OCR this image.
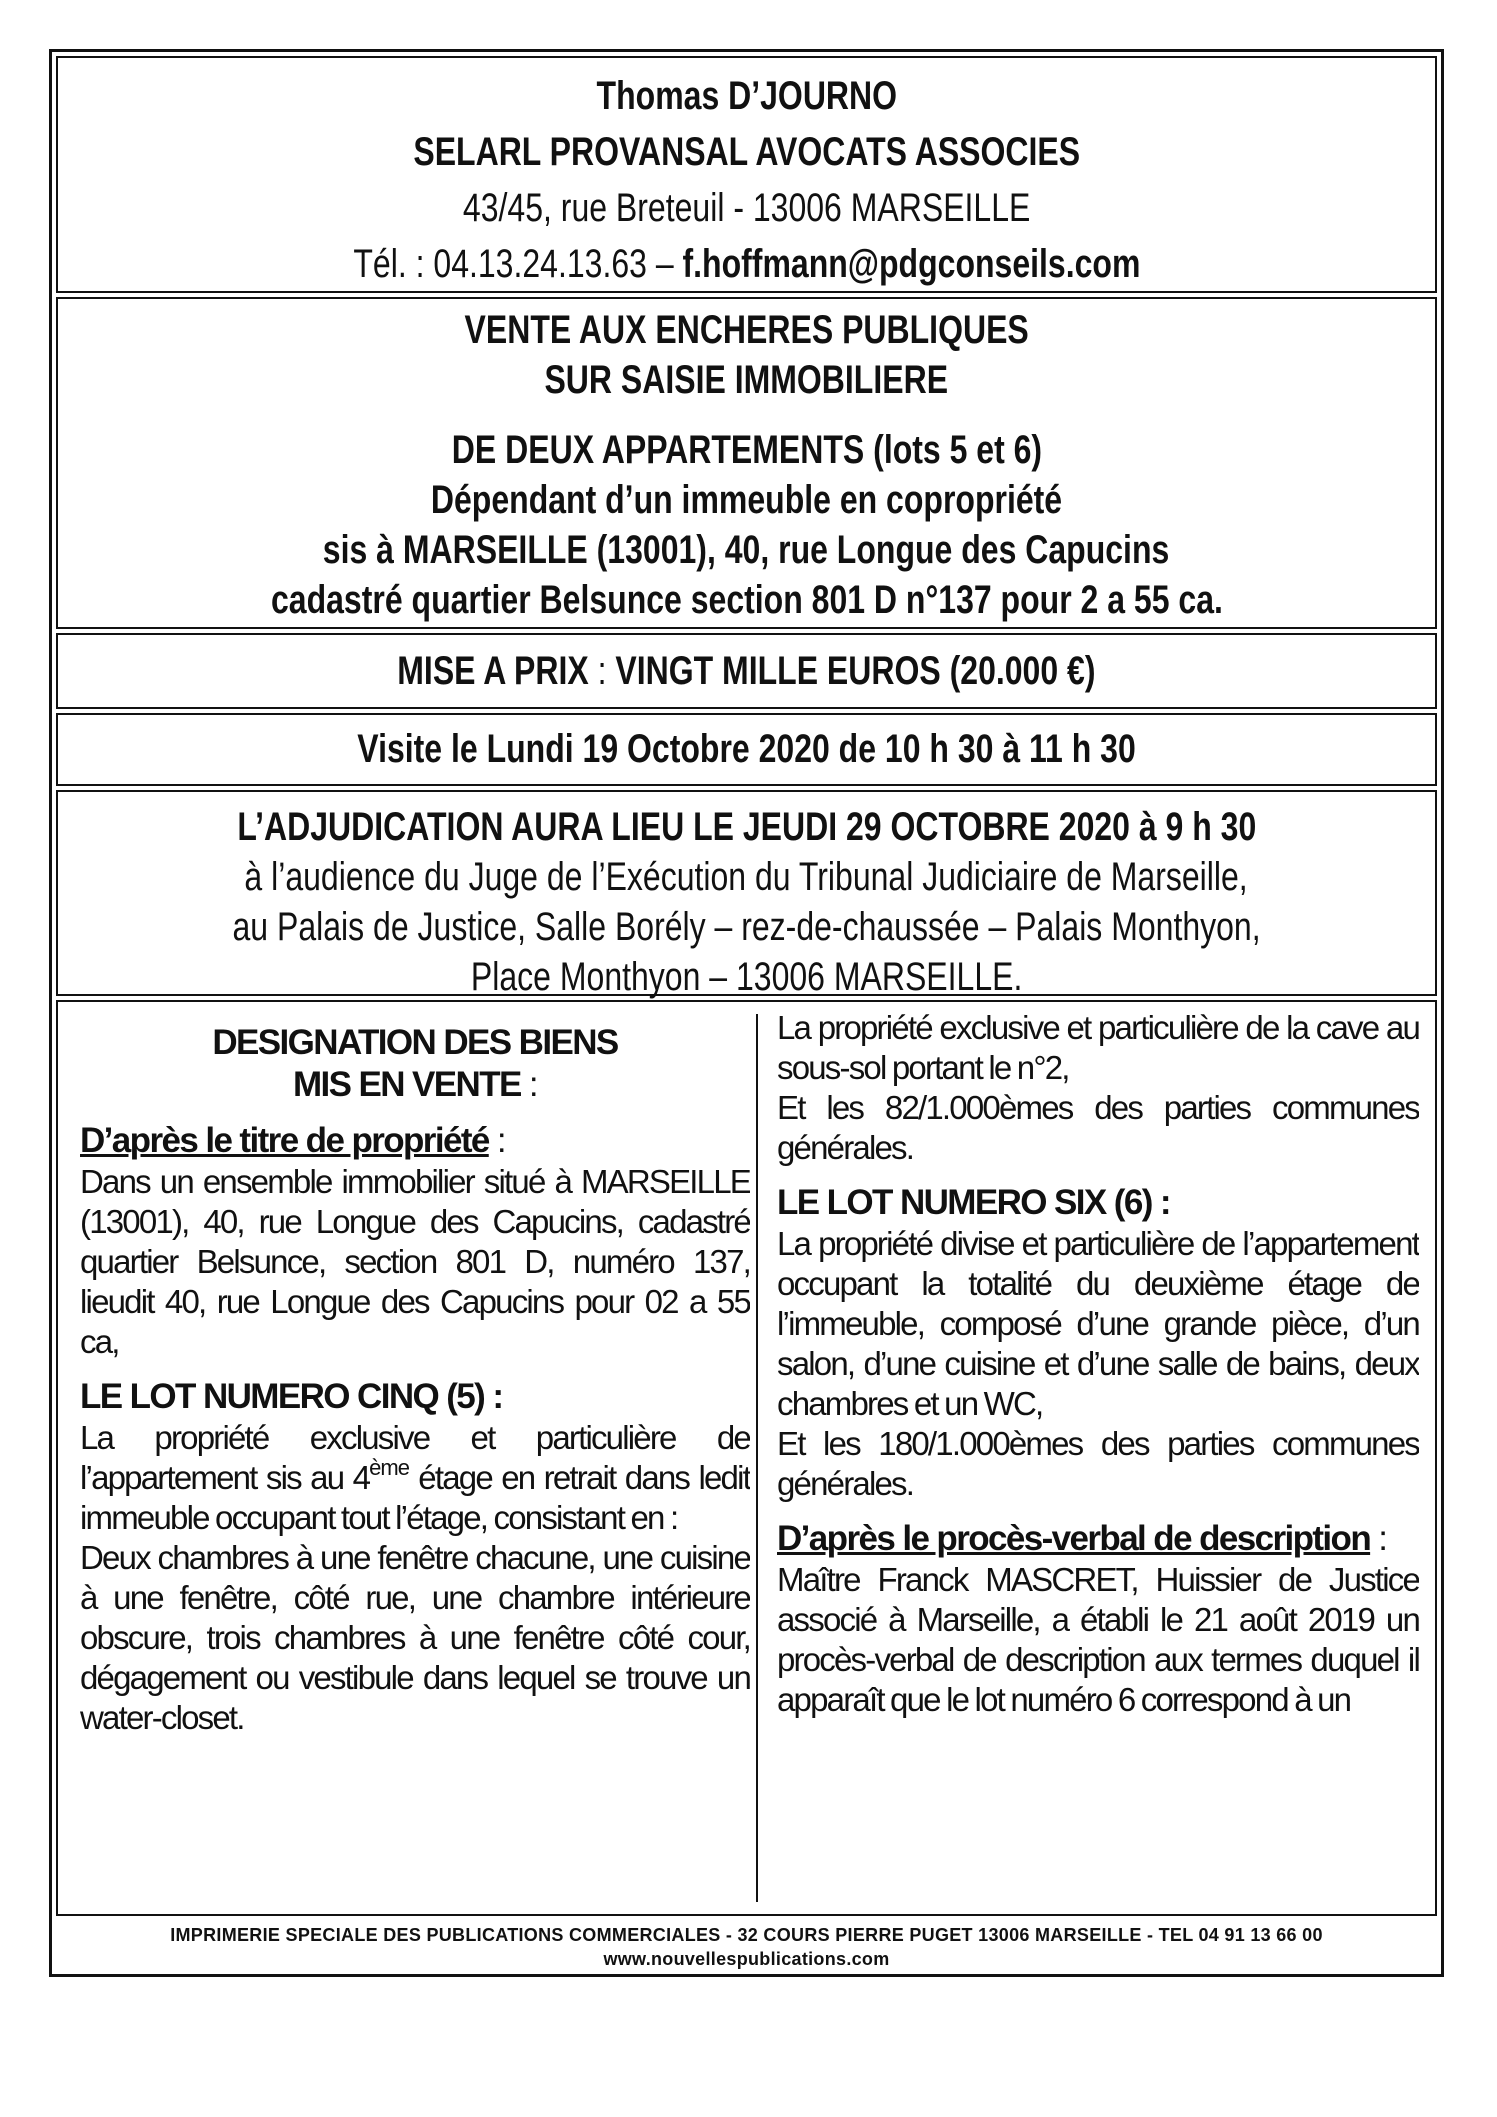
Thomas D’JOURNO
SELARL PROVANSAL AVOCATS ASSOCIES
43/45, rue Breteuil - 13006 MARSEILLE
Tél. : 04.13.24.13.63 – f.hoffmann@pdgconseils.com
VENTE AUX ENCHERES PUBLIQUES
SUR SAISIE IMMOBILIERE
DE DEUX APPARTEMENTS (lots 5 et 6)
Dépendant d’un immeuble en copropriété
sis à MARSEILLE (13001), 40, rue Longue des Capucins
cadastré quartier Belsunce section 801 D n°137 pour 2 a 55 ca.
MISE A PRIX : VINGT MILLE EUROS (20.000 €)
Visite le Lundi 19 Octobre 2020 de 10 h 30 à 11 h 30
L’ADJUDICATION AURA LIEU LE JEUDI 29 OCTOBRE 2020 à 9 h 30
à l’audience du Juge de l’Exécution du Tribunal Judiciaire de Marseille,
au Palais de Justice, Salle Borély – rez-de-chaussée – Palais Monthyon,
Place Monthyon – 13006 MARSEILLE.
DESIGNATION DES BIENS
MIS EN VENTE :
D’après le titre de propriété :
Dans un ensemble immobilier situé à MARSEILLE (13001), 40, rue Longue des Capucins, cadastré quartier Belsunce, section 801 D, numéro 137, lieudit 40, rue Longue des Capucins pour 02 a 55 ca,
LE LOT NUMERO CINQ (5) :
La propriété exclusive et particulière de l’appartement sis au 4ème étage en retrait dans ledit immeuble occupant tout l’étage, consistant en :
Deux chambres à une fenêtre chacune, une cuisine à une fenêtre, côté rue, une chambre intérieure obscure, trois chambres à une fenêtre côté cour, dégagement ou vestibule dans lequel se trouve un water-closet.
La propriété exclusive et particulière de la cave au sous-sol portant le n°2,
Et les 82/1.000èmes des parties communes générales.
LE LOT NUMERO SIX (6) :
La propriété divise et particulière de l’appartement occupant la totalité du deuxième étage de l’immeuble, composé d’une grande pièce, d’un salon, d’une cuisine et d’une salle de bains, deux chambres et un WC,
Et les 180/1.000èmes des parties communes générales.
D’après le procès-verbal de description :
Maître Franck MASCRET, Huissier de Justice associé à Marseille, a établi le 21 août 2019 un procès-verbal de description aux termes duquel il apparaît que le lot numéro 6 correspond à un
IMPRIMERIE SPECIALE DES PUBLICATIONS COMMERCIALES - 32 COURS PIERRE PUGET 13006 MARSEILLE - TEL 04 91 13 66 00
www.nouvellespublications.com
